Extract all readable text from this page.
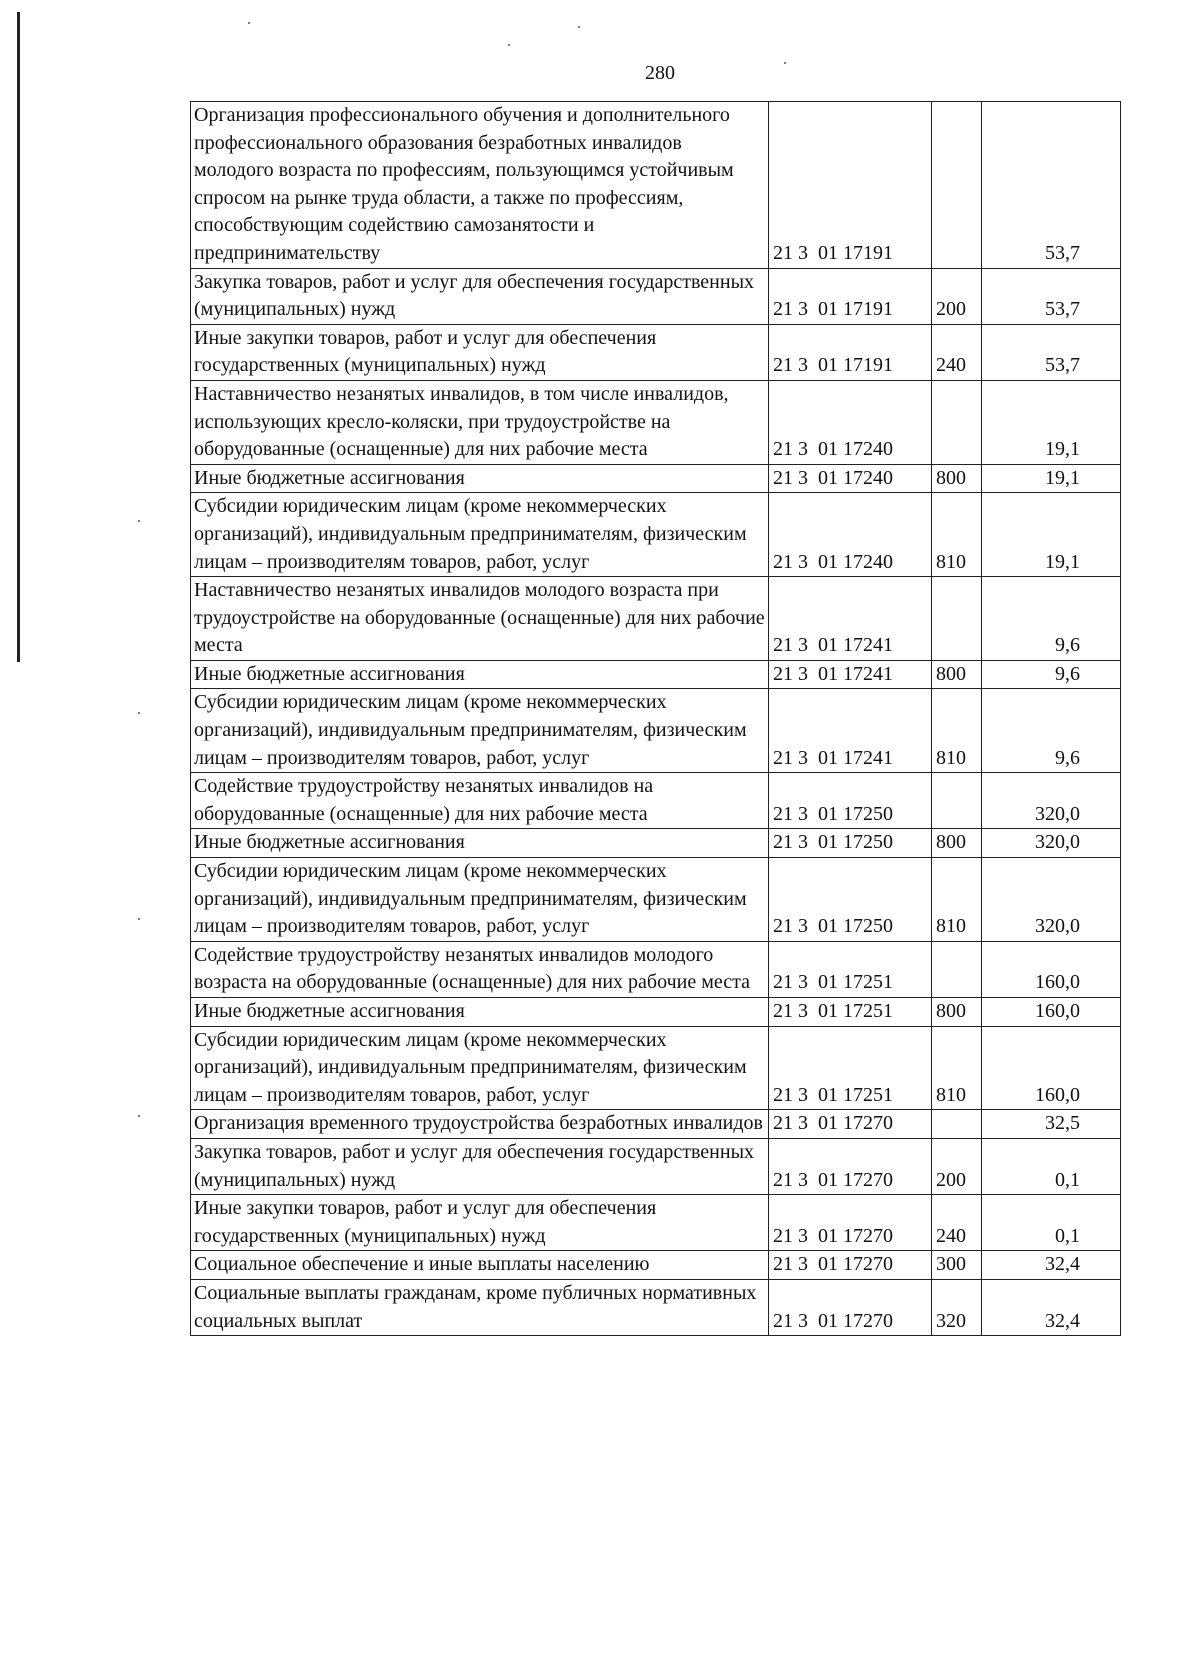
280
Организация профессионального обучения и дополнительного профессионального образования безработных инвалидов молодого возраста по профессиям, пользующимся устойчивым спросом на рынке труда области, а также по профессиям, способствующим содействию самозанятости и предпринимательству	21 3  01 17191		53,7
Закупка товаров, работ и услуг для обеспечения государственных (муниципальных) нужд	21 3  01 17191	200	53,7
Иные закупки товаров, работ и услуг для обеспечения государственных (муниципальных) нужд	21 3  01 17191	240	53,7
Наставничество незанятых инвалидов, в том числе инвалидов, использующих кресло-коляски, при трудоустройстве на оборудованные (оснащенные) для них рабочие места	21 3  01 17240		19,1
Иные бюджетные ассигнования	21 3  01 17240	800	19,1
Субсидии юридическим лицам (кроме некоммерческих организаций), индивидуальным предпринимателям, физическим лицам – производителям товаров, работ, услуг	21 3  01 17240	810	19,1
Наставничество незанятых инвалидов молодого возраста при трудоустройстве на оборудованные (оснащенные) для них рабочие места	21 3  01 17241		9,6
Иные бюджетные ассигнования	21 3  01 17241	800	9,6
Субсидии юридическим лицам (кроме некоммерческих организаций), индивидуальным предпринимателям, физическим лицам – производителям товаров, работ, услуг	21 3  01 17241	810	9,6
Содействие трудоустройству незанятых инвалидов на оборудованные (оснащенные) для них рабочие места	21 3  01 17250		320,0
Иные бюджетные ассигнования	21 3  01 17250	800	320,0
Субсидии юридическим лицам (кроме некоммерческих организаций), индивидуальным предпринимателям, физическим лицам – производителям товаров, работ, услуг	21 3  01 17250	810	320,0
Содействие трудоустройству незанятых инвалидов молодого возраста на оборудованные (оснащенные) для них рабочие места	21 3  01 17251		160,0
Иные бюджетные ассигнования	21 3  01 17251	800	160,0
Субсидии юридическим лицам (кроме некоммерческих организаций), индивидуальным предпринимателям, физическим лицам – производителям товаров, работ, услуг	21 3  01 17251	810	160,0
Организация временного трудоустройства безработных инвалидов	21 3  01 17270		32,5
Закупка товаров, работ и услуг для обеспечения государственных (муниципальных) нужд	21 3  01 17270	200	0,1
Иные закупки товаров, работ и услуг для обеспечения государственных (муниципальных) нужд	21 3  01 17270	240	0,1
Социальное обеспечение и иные выплаты населению	21 3  01 17270	300	32,4
Социальные выплаты гражданам, кроме публичных нормативных социальных выплат	21 3  01 17270	320	32,4
